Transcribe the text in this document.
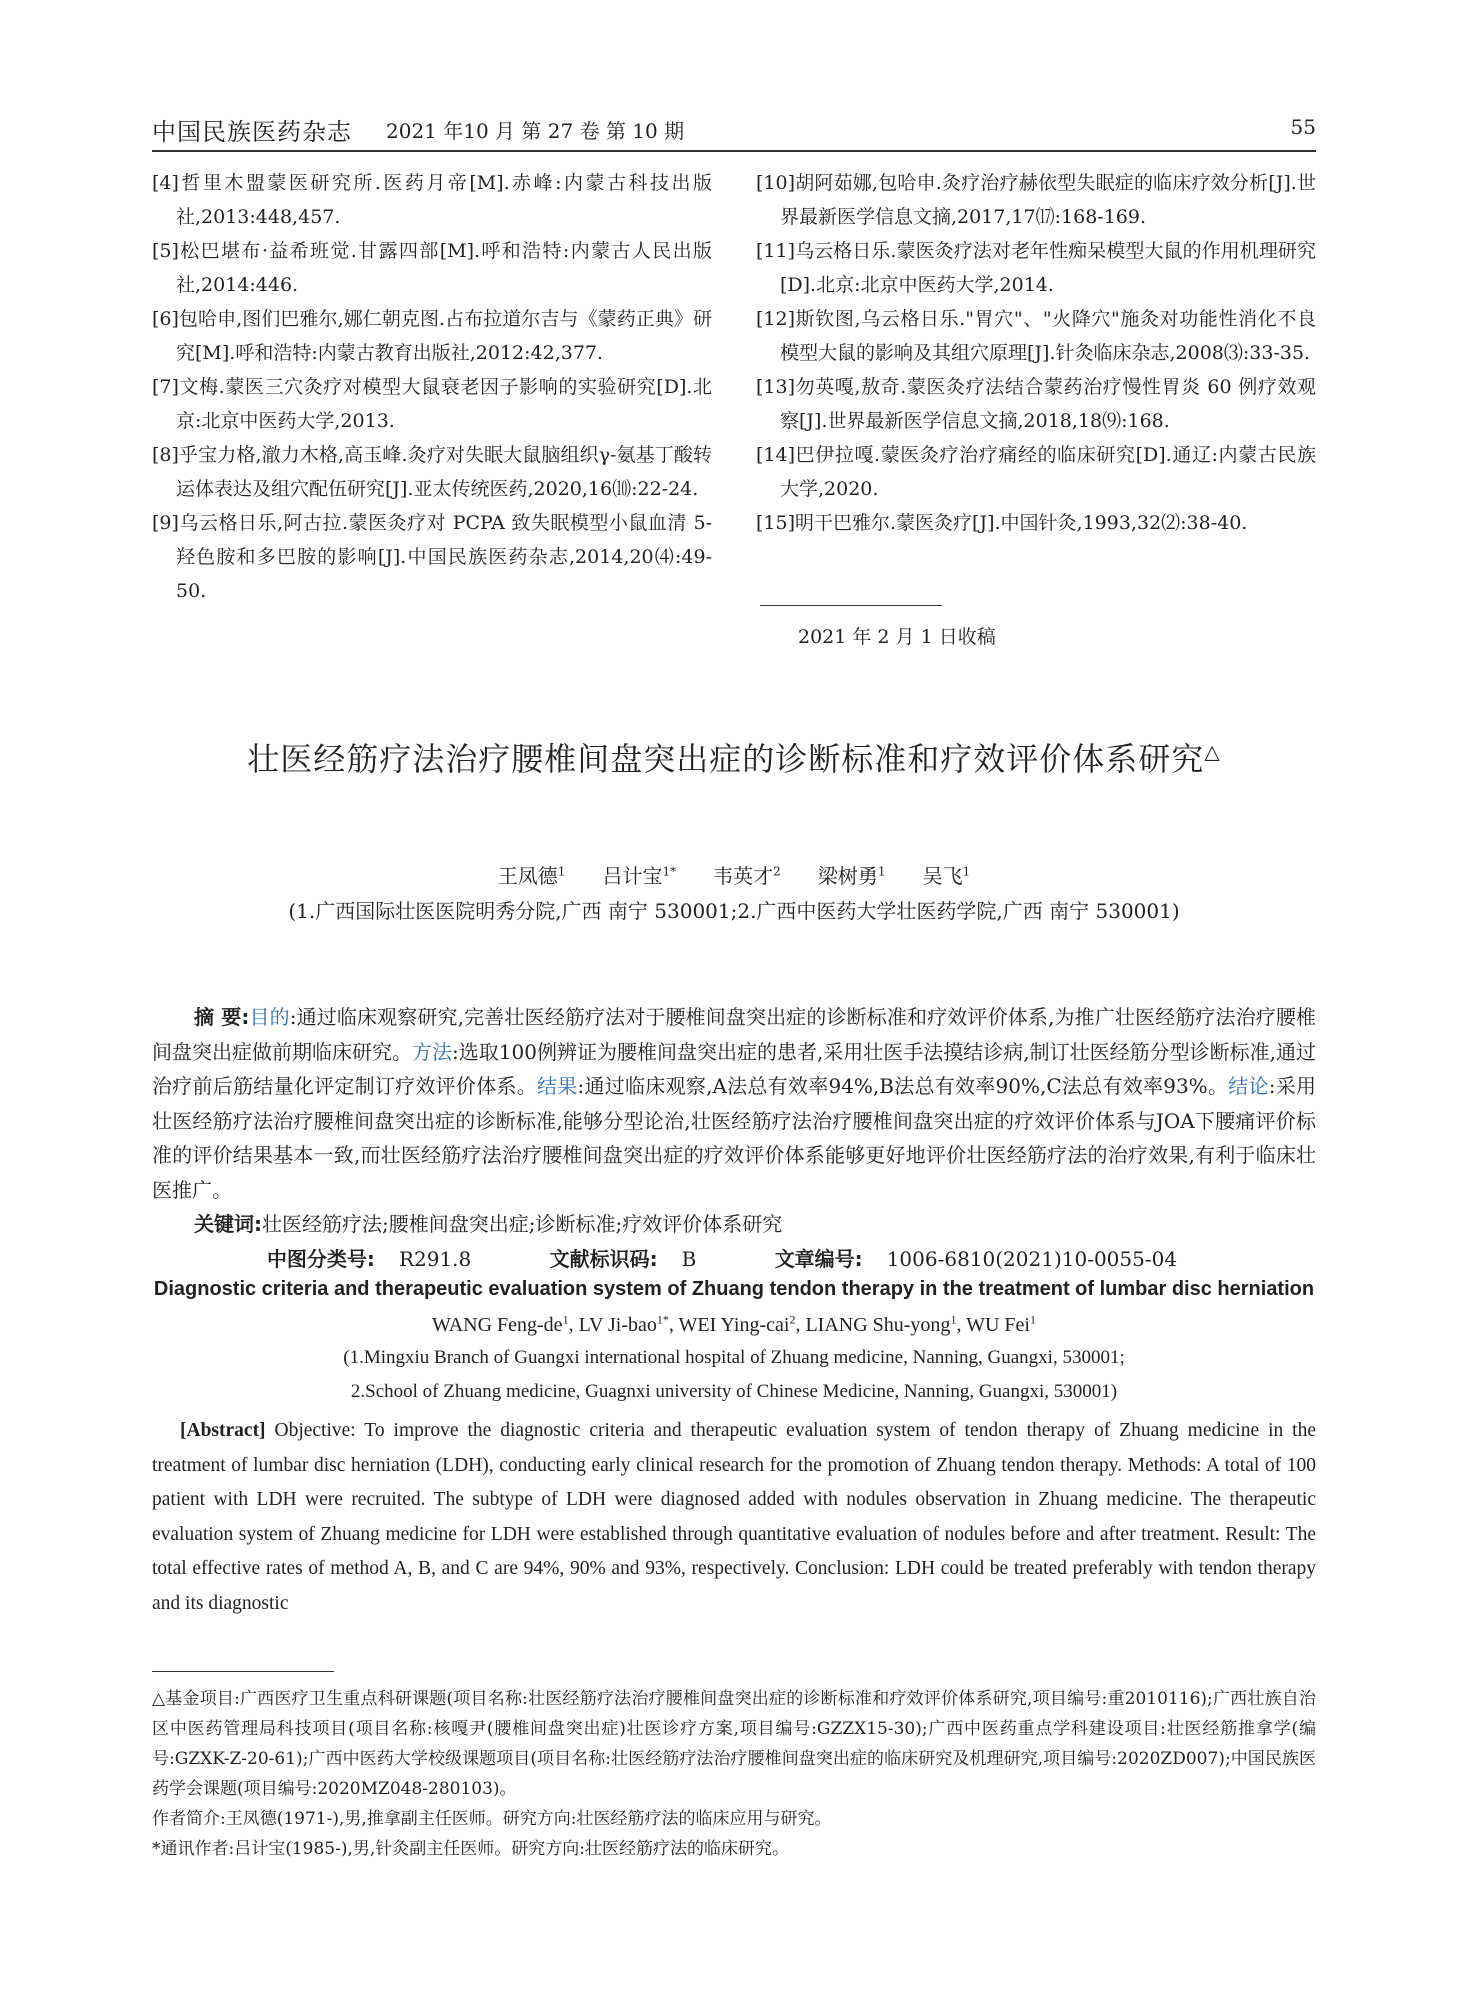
中国民族医药杂志 2021 年10 月 第 27 卷 第 10 期	55

[4]哲里木盟蒙医研究所.医药月帝[M].赤峰:内蒙古科技出版社,2013:448,457.

[5]松巴堪布·益希班觉.甘露四部[M].呼和浩特:内蒙古人民出版社,2014:446.

[6]包哈申,图们巴雅尔,娜仁朝克图.占布拉道尔吉与《蒙药正典》研究[M].呼和浩特:内蒙古教育出版社,2012:42,377.

[7]文梅.蒙医三穴灸疗对模型大鼠衰老因子影响的实验研究[D].北京:北京中医药大学,2013.

[8]乎宝力格,澈力木格,高玉峰.灸疗对失眠大鼠脑组织γ-氨基丁酸转运体表达及组穴配伍研究[J].亚太传统医药,2020,16⑽:22-24.

[9]乌云格日乐,阿古拉.蒙医灸疗对 PCPA 致失眠模型小鼠血清 5-羟色胺和多巴胺的影响[J].中国民族医药杂志,2014,20⑷:49-50.

[10]胡阿茹娜,包哈申.灸疗治疗赫依型失眠症的临床疗效分析[J].世界最新医学信息文摘,2017,17⒄:168-169.

[11]乌云格日乐.蒙医灸疗法对老年性痴呆模型大鼠的作用机理研究[D].北京:北京中医药大学,2014.

[12]斯钦图,乌云格日乐."胃穴"、"火降穴"施灸对功能性消化不良模型大鼠的影响及其组穴原理[J].针灸临床杂志,2008⑶:33-35.

[13]勿英嘎,敖奇.蒙医灸疗法结合蒙药治疗慢性胃炎 60 例疗效观察[J].世界最新医学信息文摘,2018,18⑼:168.

[14]巴伊拉嘎.蒙医灸疗治疗痛经的临床研究[D].通辽:内蒙古民族大学,2020.

[15]明干巴雅尔.蒙医灸疗[J].中国针灸,1993,32⑵:38-40.

2021 年 2 月 1 日收稿
壮医经筋疗法治疗腰椎间盘突出症的诊断标准和疗效评价体系研究△
王凤德$^1$ 吕计宝$^{1*}$ 韦英才$^2$ 梁树勇$^1$ 吴飞$^1$
(1.广西国际壮医医院明秀分院,广西 南宁 530001;2.广西中医药大学壮医药学院,广西 南宁 530001)

摘 要:目的:通过临床观察研究,完善壮医经筋疗法对于腰椎间盘突出症的诊断标准和疗效评价体系,为推广壮医经筋疗法治疗腰椎间盘突出症做前期临床研究。方法:选取100例辨证为腰椎间盘突出症的患者,采用壮医手法摸结诊病,制订壮医经筋分型诊断标准,通过治疗前后筋结量化评定制订疗效评价体系。结果:通过临床观察,A法总有效率94%,B法总有效率90%,C法总有效率93%。结论:采用壮医经筋疗法治疗腰椎间盘突出症的诊断标准,能够分型论治,壮医经筋疗法治疗腰椎间盘突出症的疗效评价体系与JOA下腰痛评价标准的评价结果基本一致,而壮医经筋疗法治疗腰椎间盘突出症的疗效评价体系能够更好地评价壮医经筋疗法的治疗效果,有利于临床壮医推广。

关键词:壮医经筋疗法;腰椎间盘突出症;诊断标准;疗效评价体系研究
中图分类号: R291.8	文献标识码: B	文章编号: 1006-6810(2021)10-0055-04
Diagnostic criteria and therapeutic evaluation system of Zhuang tendon therapy in the treatment of lumbar disc herniation
WANG Feng-$de^1$, LV Ji-bao$^{1*}$, WEI Ying-cai$^2$, LIANG Shu-yong$^1$, WU Fei$^1$
(1.Mingxiu Branch of Guangxi international hospital of Zhuang medicine, Nanning, Guangxi, 530001;
2.School of Zhuang medicine, Guagnxi university of Chinese Medicine, Nanning, Guangxi, 530001)

[Abstract] Objective: To improve the diagnostic criteria and therapeutic evaluation system of tendon therapy of Zhuang medicine in the treatment of lumbar disc herniation (LDH), conducting early clinical research for the promotion of Zhuang tendon therapy. Methods: A total of 100 patient with LDH were recruited. The subtype of LDH were diagnosed added with nodules observation in Zhuang medicine. The therapeutic evaluation system of Zhuang medicine for LDH were established through quantitative evaluation of nodules before and after treatment. Result: The total effective rates of method A, B, and C are 94%, 90% and 93%, respectively. Conclusion: LDH could be treated preferably with tendon therapy and its diagnostic

△基金项目:广西医疗卫生重点科研课题(项目名称:壮医经筋疗法治疗腰椎间盘突出症的诊断标准和疗效评价体系研究,项目编号:重2010116);广西壮族自治区中医药管理局科技项目(项目名称:核嘎尹(腰椎间盘突出症)壮医诊疗方案,项目编号:GZZX15-30);广西中医药重点学科建设项目:壮医经筋推拿学(编号:GZXK-Z-20-61);广西中医药大学校级课题项目(项目名称:壮医经筋疗法治疗腰椎间盘突出症的临床研究及机理研究,项目编号:2020ZD007);中国民族医药学会课题(项目编号:2020MZ048-280103)。

作者简介:王凤德(1971-),男,推拿副主任医师。研究方向:壮医经筋疗法的临床应用与研究。

*通讯作者:吕计宝(1985-),男,针灸副主任医师。研究方向:壮医经筋疗法的临床研究。
